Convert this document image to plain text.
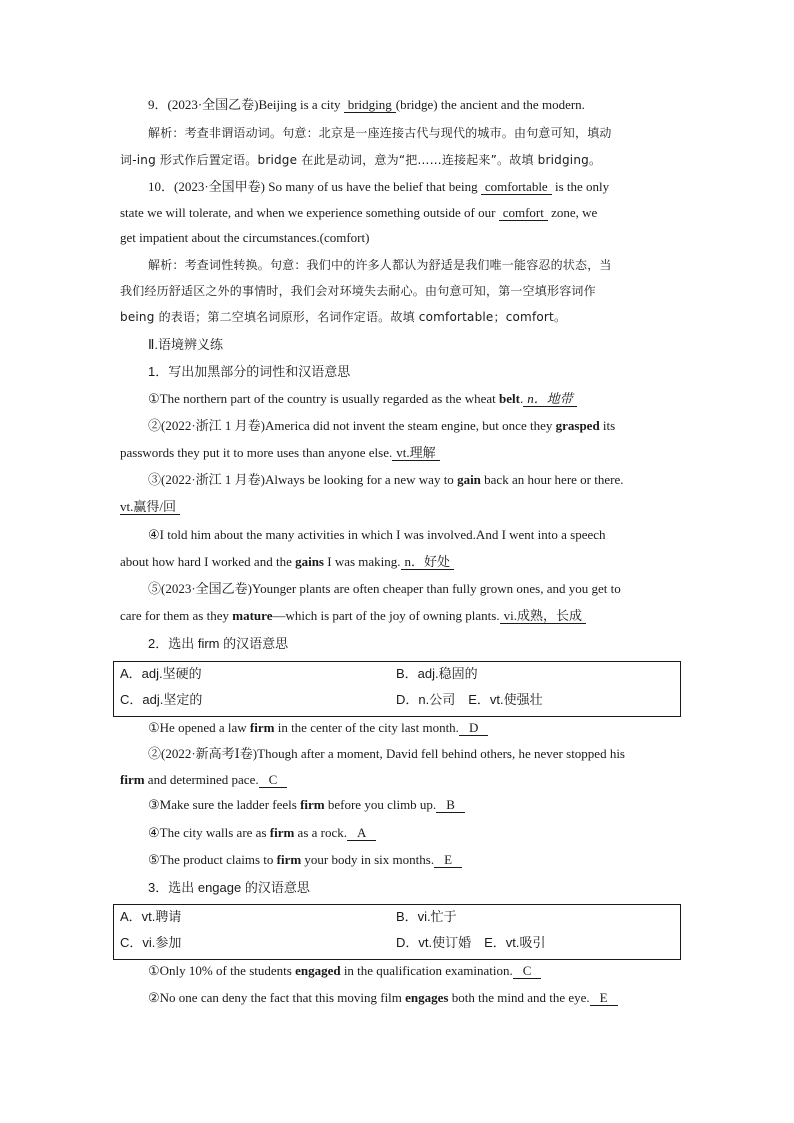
9．(2023·全国乙卷)Beijing is a city bridging (bridge) the ancient and the modern.
解析：考查非谓语动词。句意：北京是一座连接古代与现代的城市。由句意可知，填动
词-ing 形式作后置定语。bridge 在此是动词，意为“把……连接起来”。故填 bridging。
10．(2023·全国甲卷) So many of us have the belief that being comfortable is the only
state we will tolerate, and when we experience something outside of our comfort zone, we
get impatient about the circumstances.(comfort)
解析：考查词性转换。句意：我们中的许多人都认为舒适是我们唯一能容忍的状态，当
我们经历舒适区之外的事情时，我们会对环境失去耐心。由句意可知，第一空填形容词作
being 的表语；第二空填名词原形，名词作定语。故填 comfortable；comfort。
Ⅱ.语境辨义练
1．写出加黑部分的词性和汉语意思
①The northern part of the country is usually regarded as the wheat belt. n．地带
②(2022·浙江 1 月卷)America did not invent the steam engine, but once they grasped its
passwords they put it to more uses than anyone else. vt.理解
③(2022·浙江 1 月卷)Always be looking for a new way to gain back an hour here or there.
vt.赢得/回
④I told him about the many activities in which I was involved.And I went into a speech
about how hard I worked and the gains I was making. n．好处
⑤(2023·全国乙卷)Younger plants are often cheaper than fully grown ones, and you get to
care for them as they mature—which is part of the joy of owning plants. vi.成熟，长成
2．选出 firm 的汉语意思
A．adj.坚硬的	B．adj.稳固的
C．adj.坚定的	D．n.公司　E．vt.使强壮
①He opened a law firm in the center of the city last month. D
②(2022·新高考Ⅰ卷)Though after a moment, David fell behind others, he never stopped his
firm and determined pace. C
③Make sure the ladder feels firm before you climb up. B
④The city walls are as firm as a rock. A
⑤The product claims to firm your body in six months. E
3．选出 engage 的汉语意思
A．vt.聘请	B．vi.忙于
C．vi.参加	D．vt.使订婚　E．vt.吸引
①Only 10% of the students engaged in the qualification examination. C
②No one can deny the fact that this moving film engages both the mind and the eye. E
